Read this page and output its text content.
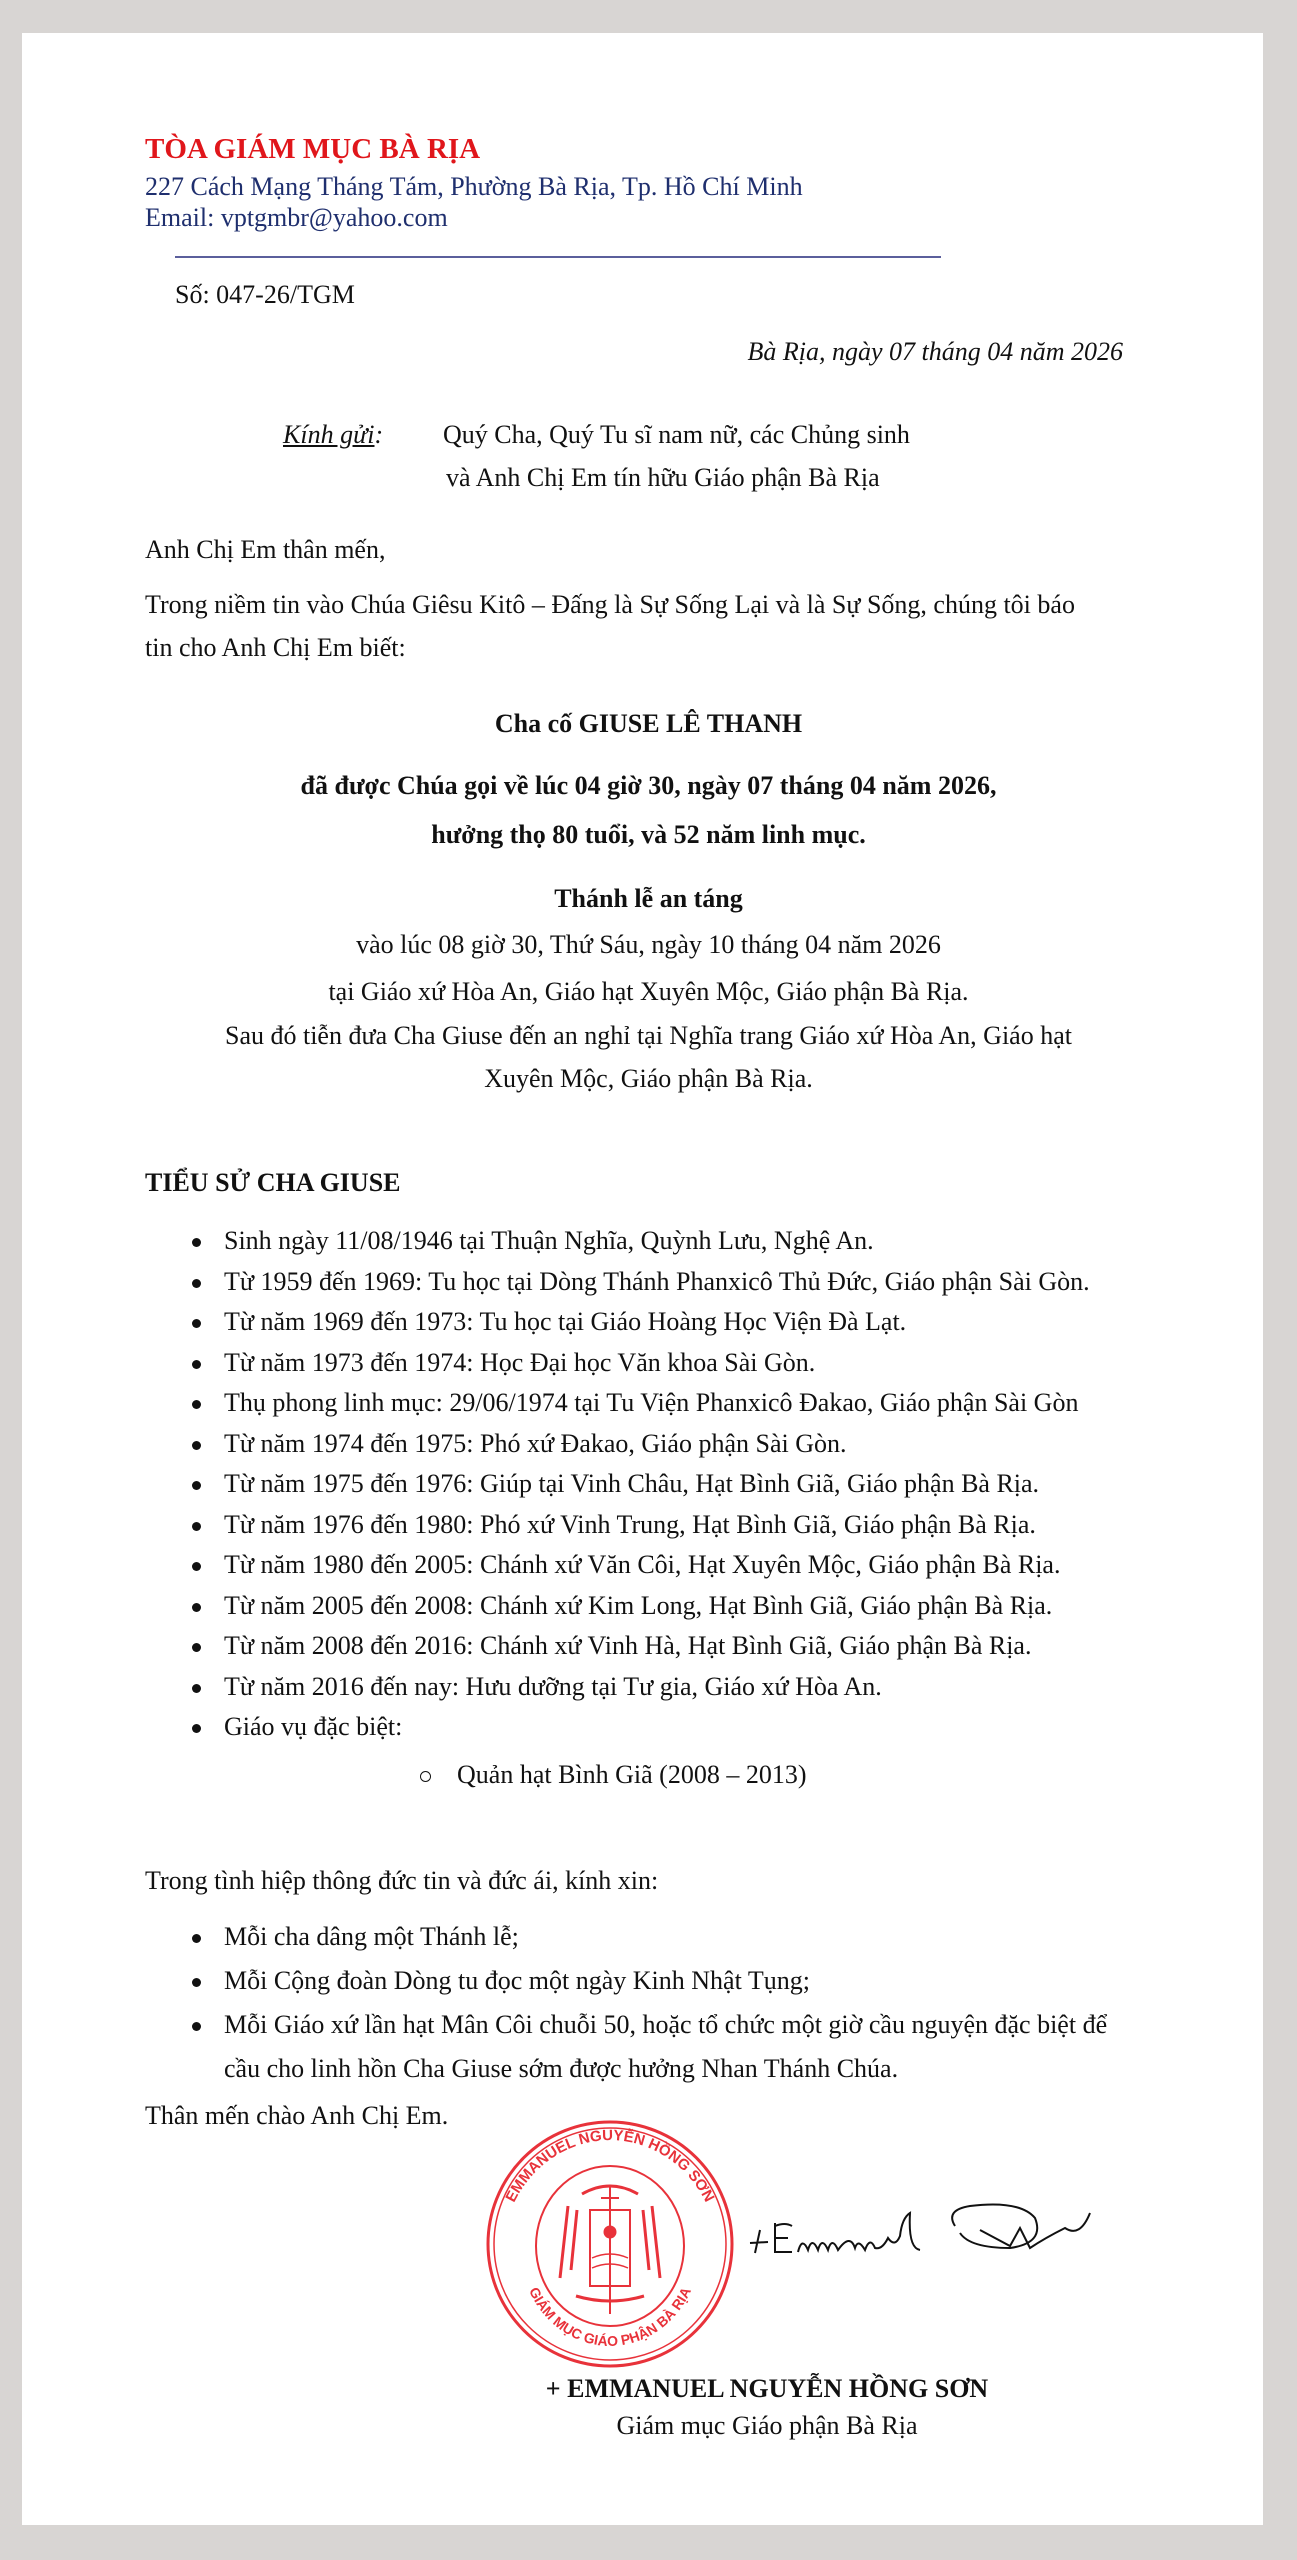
TÒA GIÁM MỤC BÀ RỊA
227 Cách Mạng Tháng Tám, Phường Bà Rịa, Tp. Hồ Chí Minh
Email: vptgmbr@yahoo.com
Số: 047-26/TGM
Bà Rịa, ngày 07 tháng 04 năm 2026
Kính gửi: Quý Cha, Quý Tu sĩ nam nữ, các Chủng sinh
và Anh Chị Em tín hữu Giáo phận Bà Rịa
Anh Chị Em thân mến,
Trong niềm tin vào Chúa Giêsu Kitô – Đấng là Sự Sống Lại và là Sự Sống, chúng tôi báo
tin cho Anh Chị Em biết:
Cha cố GIUSE LÊ THANH
đã được Chúa gọi về lúc 04 giờ 30, ngày 07 tháng 04 năm 2026,
hưởng thọ 80 tuổi, và 52 năm linh mục.
Thánh lễ an táng
vào lúc 08 giờ 30, Thứ Sáu, ngày 10 tháng 04 năm 2026
tại Giáo xứ Hòa An, Giáo hạt Xuyên Mộc, Giáo phận Bà Rịa.
Sau đó tiễn đưa Cha Giuse đến an nghỉ tại Nghĩa trang Giáo xứ Hòa An, Giáo hạt
Xuyên Mộc, Giáo phận Bà Rịa.
TIỂU SỬ CHA GIUSE
Sinh ngày 11/08/1946 tại Thuận Nghĩa, Quỳnh Lưu, Nghệ An.
Từ 1959 đến 1969: Tu học tại Dòng Thánh Phanxicô Thủ Đức, Giáo phận Sài Gòn.
Từ năm 1969 đến 1973: Tu học tại Giáo Hoàng Học Viện Đà Lạt.
Từ năm 1973 đến 1974: Học Đại học Văn khoa Sài Gòn.
Thụ phong linh mục: 29/06/1974 tại Tu Viện Phanxicô Đakao, Giáo phận Sài Gòn
Từ năm 1974 đến 1975: Phó xứ Đakao, Giáo phận Sài Gòn.
Từ năm 1975 đến 1976: Giúp tại Vinh Châu, Hạt Bình Giã, Giáo phận Bà Rịa.
Từ năm 1976 đến 1980: Phó xứ Vinh Trung, Hạt Bình Giã, Giáo phận Bà Rịa.
Từ năm 1980 đến 2005: Chánh xứ Văn Côi, Hạt Xuyên Mộc, Giáo phận Bà Rịa.
Từ năm 2005 đến 2008: Chánh xứ Kim Long, Hạt Bình Giã, Giáo phận Bà Rịa.
Từ năm 2008 đến 2016: Chánh xứ Vinh Hà, Hạt Bình Giã, Giáo phận Bà Rịa.
Từ năm 2016 đến nay: Hưu dưỡng tại Tư gia, Giáo xứ Hòa An.
Giáo vụ đặc biệt:
Quản hạt Bình Giã (2008 – 2013)
Trong tình hiệp thông đức tin và đức ái, kính xin:
Mỗi cha dâng một Thánh lễ;
Mỗi Cộng đoàn Dòng tu đọc một ngày Kinh Nhật Tụng;
Mỗi Giáo xứ lần hạt Mân Côi chuỗi 50, hoặc tổ chức một giờ cầu nguyện đặc biệt để
cầu cho linh hồn Cha Giuse sớm được hưởng Nhan Thánh Chúa.
Thân mến chào Anh Chị Em.
EMMANUEL NGUYỄN HỒNG SƠN
GIÁM MỤC GIÁO PHẬN BÀ RỊA
+ EMMANUEL NGUYỄN HỒNG SƠN
Giám mục Giáo phận Bà Rịa
